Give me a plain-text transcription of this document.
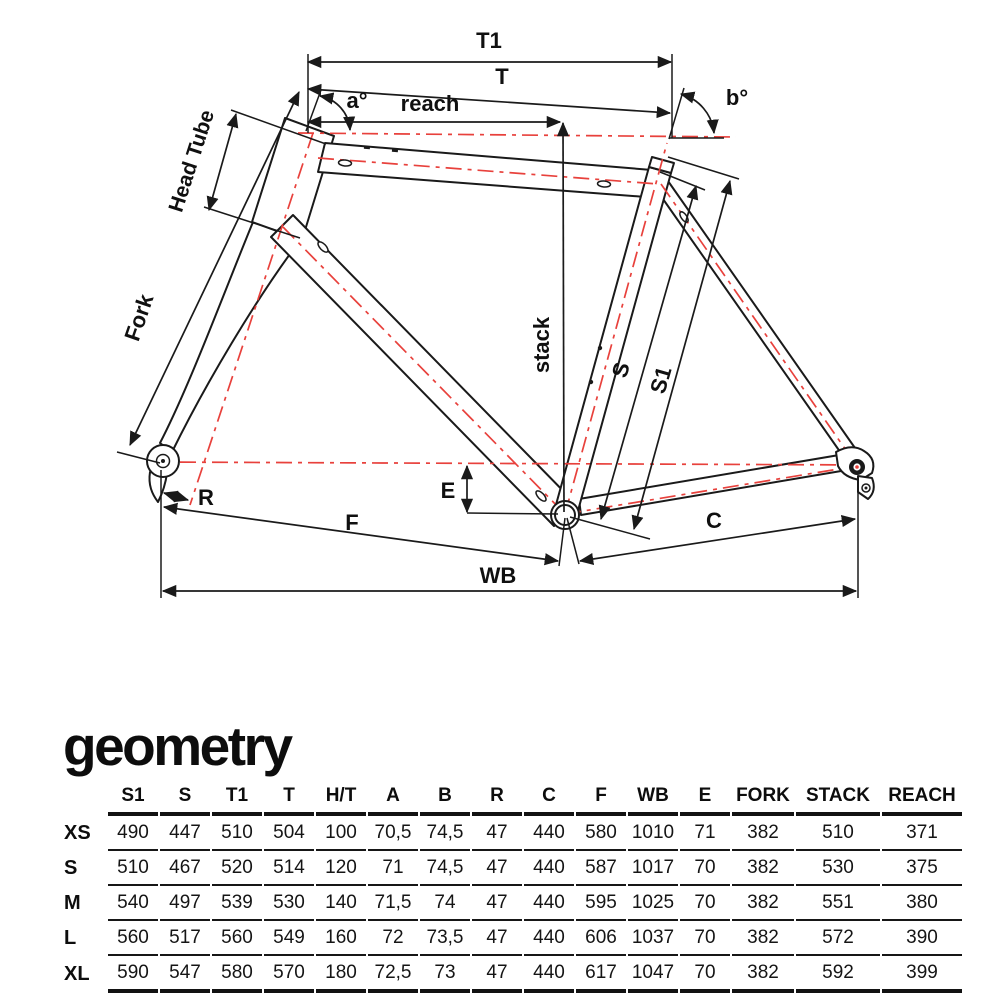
T1
T
reach
a°	b°
Head Tube
Fork	stack S S1
R	E
F	C
WB
geometry
	S1	S	T1	T	H/T	A	B	R	C	F	WB	E	FORK	STACK	REACH
XS	490	447	510	504	100	70,5	74,5	47	440	580	1010	71	382	510	371
S	510	467	520	514	120	71	74,5	47	440	587	1017	70	382	530	375
M	540	497	539	530	140	71,5	74	47	440	595	1025	70	382	551	380
L	560	517	560	549	160	72	73,5	47	440	606	1037	70	382	572	390
XL	590	547	580	570	180	72,5	73	47	440	617	1047	70	382	592	399
